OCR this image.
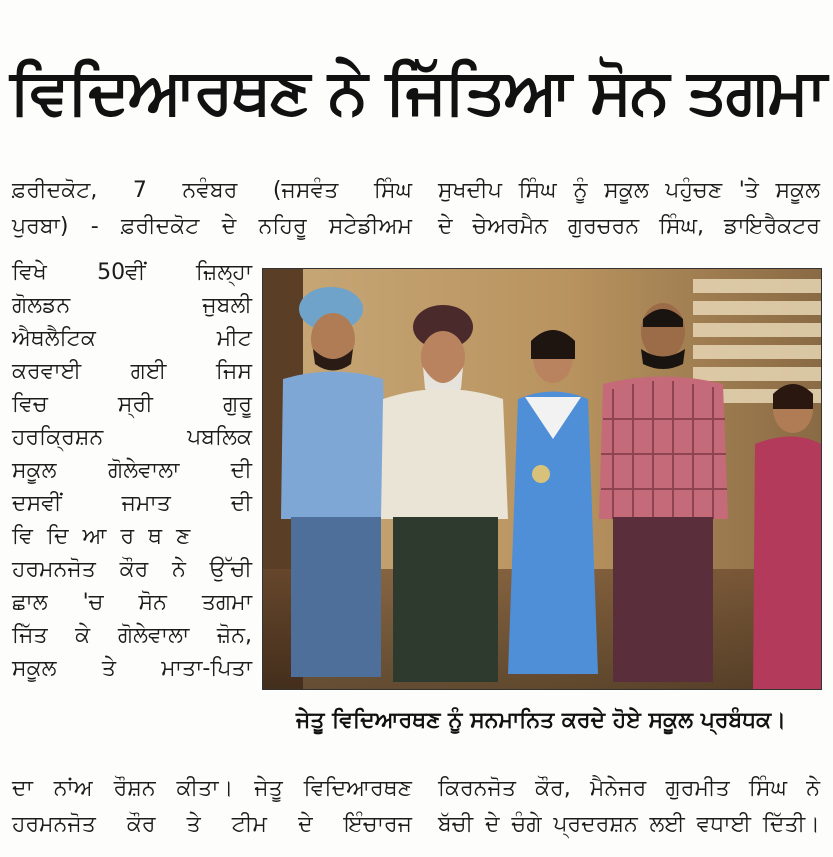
ਵਿਦਿਆਰਥਣ ਨੇ ਜਿੱਤਿਆ ਸੋਨ ਤਗਮਾ
ਫ਼ਰੀਦਕੋਟ, 7 ਨਵੰਬਰ (ਜਸਵੰਤ ਸਿੰਘ ਸੁਖਦੀਪ ਸਿੰਘ ਨੂੰ ਸਕੂਲ ਪਹੁੰਚਣ 'ਤੇ ਸਕੂਲ
ਪੁਰਬਾ) - ਫ਼ਰੀਦਕੋਟ ਦੇ ਨਹਿਰੂ ਸਟੇਡੀਅਮ ਦੇ ਚੇਅਰਮੈਨ ਗੁਰਚਰਨ ਸਿੰਘ, ਡਾਇਰੈਕਟਰ
ਵਿਖੇ 50ਵੀਂ ਜ਼ਿਲ੍ਹਾ
ਗੋਲਡਨ ਜੁਬਲੀ
ਐਥਲੈਟਿਕ ਮੀਟ
ਕਰਵਾਈ ਗਈ ਜਿਸ
ਵਿਚ ਸ੍ਰੀ ਗੁਰੂ
ਹਰਕ੍ਰਿਸ਼ਨ ਪਬਲਿਕ
ਸਕੂਲ ਗੋਲੇਵਾਲਾ ਦੀ
ਦਸਵੀਂ ਜਮਾਤ ਦੀ
ਵਿਦਿਆਰਥਣ
ਹਰਮਨਜੋਤ ਕੌਰ ਨੇ ਉੱਚੀ
ਛਾਲ 'ਚ ਸੋਨ ਤਗਮਾ
ਜਿੱਤ ਕੇ ਗੋਲੇਵਾਲਾ ਜ਼ੋਨ,
ਸਕੂਲ ਤੇ ਮਾਤਾ-ਪਿਤਾ
ਜੇਤੂ ਵਿਦਿਆਰਥਣ ਨੂੰ ਸਨਮਾਨਿਤ ਕਰਦੇ ਹੋਏ ਸਕੂਲ ਪ੍ਰਬੰਧਕ।
ਦਾ ਨਾਂਅ ਰੌਸ਼ਨ ਕੀਤਾ। ਜੇਤੂ ਵਿਦਿਆਰਥਣ ਕਿਰਨਜੋਤ ਕੌਰ, ਮੈਨੇਜਰ ਗੁਰਮੀਤ ਸਿੰਘ ਨੇ
ਹਰਮਨਜੋਤ ਕੌਰ ਤੇ ਟੀਮ ਦੇ ਇੰਚਾਰਜ ਬੱਚੀ ਦੇ ਚੰਗੇ ਪ੍ਰਦਰਸ਼ਨ ਲਈ ਵਧਾਈ ਦਿੱਤੀ।
